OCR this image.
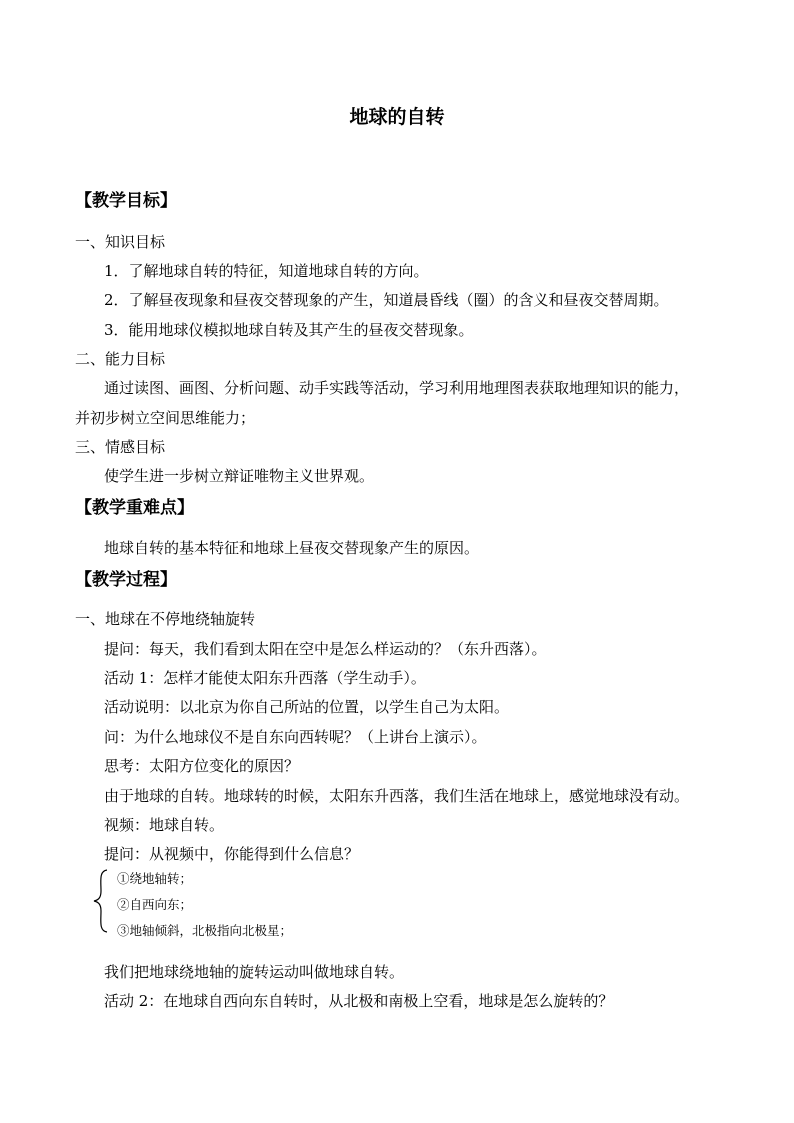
地球的自转
【教学目标】
一、知识目标
1．了解地球自转的特征，知道地球自转的方向。
2．了解昼夜现象和昼夜交替现象的产生，知道晨昏线（圈）的含义和昼夜交替周期。
3．能用地球仪模拟地球自转及其产生的昼夜交替现象。
二、能力目标
通过读图、画图、分析问题、动手实践等活动，学习利用地理图表获取地理知识的能力，
并初步树立空间思维能力；
三、情感目标
使学生进一步树立辩证唯物主义世界观。
【教学重难点】
地球自转的基本特征和地球上昼夜交替现象产生的原因。
【教学过程】
一、地球在不停地绕轴旋转
提问：每天，我们看到太阳在空中是怎么样运动的？（东升西落）。
活动 1：怎样才能使太阳东升西落（学生动手）。
活动说明：以北京为你自己所站的位置，以学生自己为太阳。
问：为什么地球仪不是自东向西转呢？（上讲台上演示）。
思考：太阳方位变化的原因？
由于地球的自转。地球转的时候，太阳东升西落，我们生活在地球上，感觉地球没有动。
视频：地球自转。
提问：从视频中，你能得到什么信息？
①绕地轴转；
②自西向东；
③地轴倾斜，北极指向北极星；
我们把地球绕地轴的旋转运动叫做地球自转。
活动 2：在地球自西向东自转时，从北极和南极上空看，地球是怎么旋转的？
